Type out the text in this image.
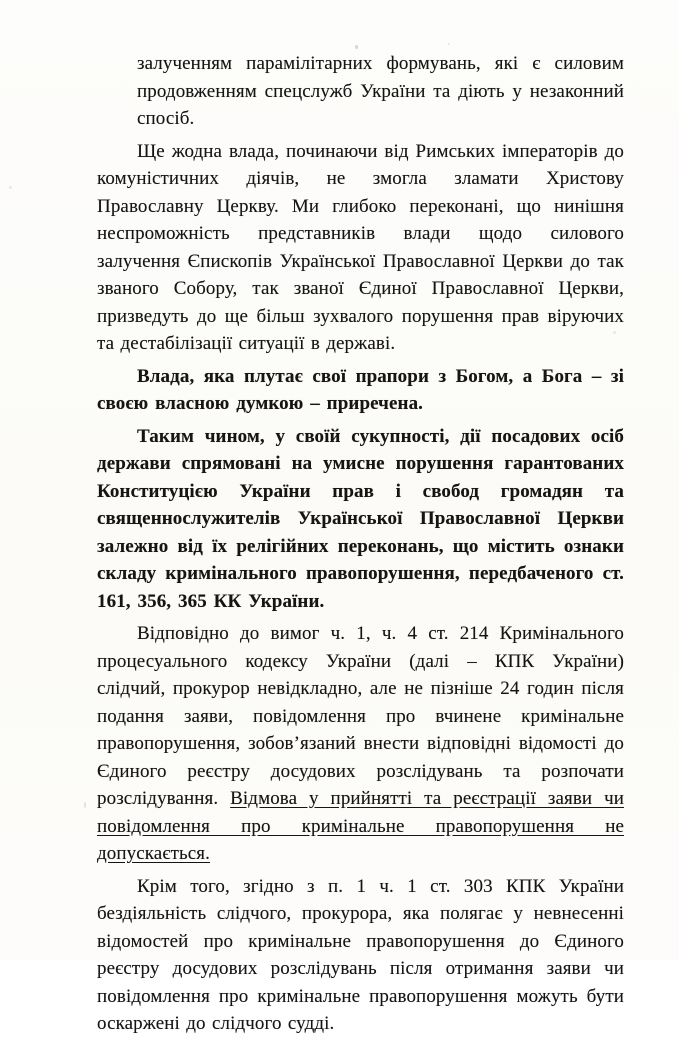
залученням парамілітарних формувань, які є силовим продовженням спецслужб України та діють у незаконний спосіб.

Ще жодна влада, починаючи від Римських імператорів до комуністичних діячів, не змогла зламати Христову Православну Церкву. Ми глибоко переконані, що нинішня неспроможність представників влади щодо силового залучення Єпископів Української Православної Церкви до так званого Собору, так званої Єдиної Православної Церкви, призведуть до ще більш зухвалого порушення прав віруючих та дестабілізації ситуації в державі.

Влада, яка плутає свої прапори з Богом, а Бога – зі своєю власною думкою – приречена.

Таким чином, у своїй сукупності, дії посадових осіб держави спрямовані на умисне порушення гарантованих Конституцією України прав і свобод громадян та священнослужителів Української Православної Церкви залежно від їх релігійних переконань, що містить ознаки складу кримінального правопорушення, передбаченого ст. 161, 356, 365 КК України.

Відповідно до вимог ч. 1, ч. 4 ст. 214 Кримінального процесуального кодексу України (далі – КПК України) слідчий, прокурор невідкладно, але не пізніше 24 годин після подання заяви, повідомлення про вчинене кримінальне правопорушення, зобов’язаний внести відповідні відомості до Єдиного реєстру досудових розслідувань та розпочати розслідування. Відмова у прийнятті та реєстрації заяви чи повідомлення про кримінальне правопорушення не допускається.

Крім того, згідно з п. 1 ч. 1 ст. 303 КПК України бездіяльність слідчого, прокурора, яка полягає у невнесенні відомостей про кримінальне правопорушення до Єдиного реєстру досудових розслідувань після отримання заяви чи повідомлення про кримінальне правопорушення можуть бути оскаржені до слідчого судді.
